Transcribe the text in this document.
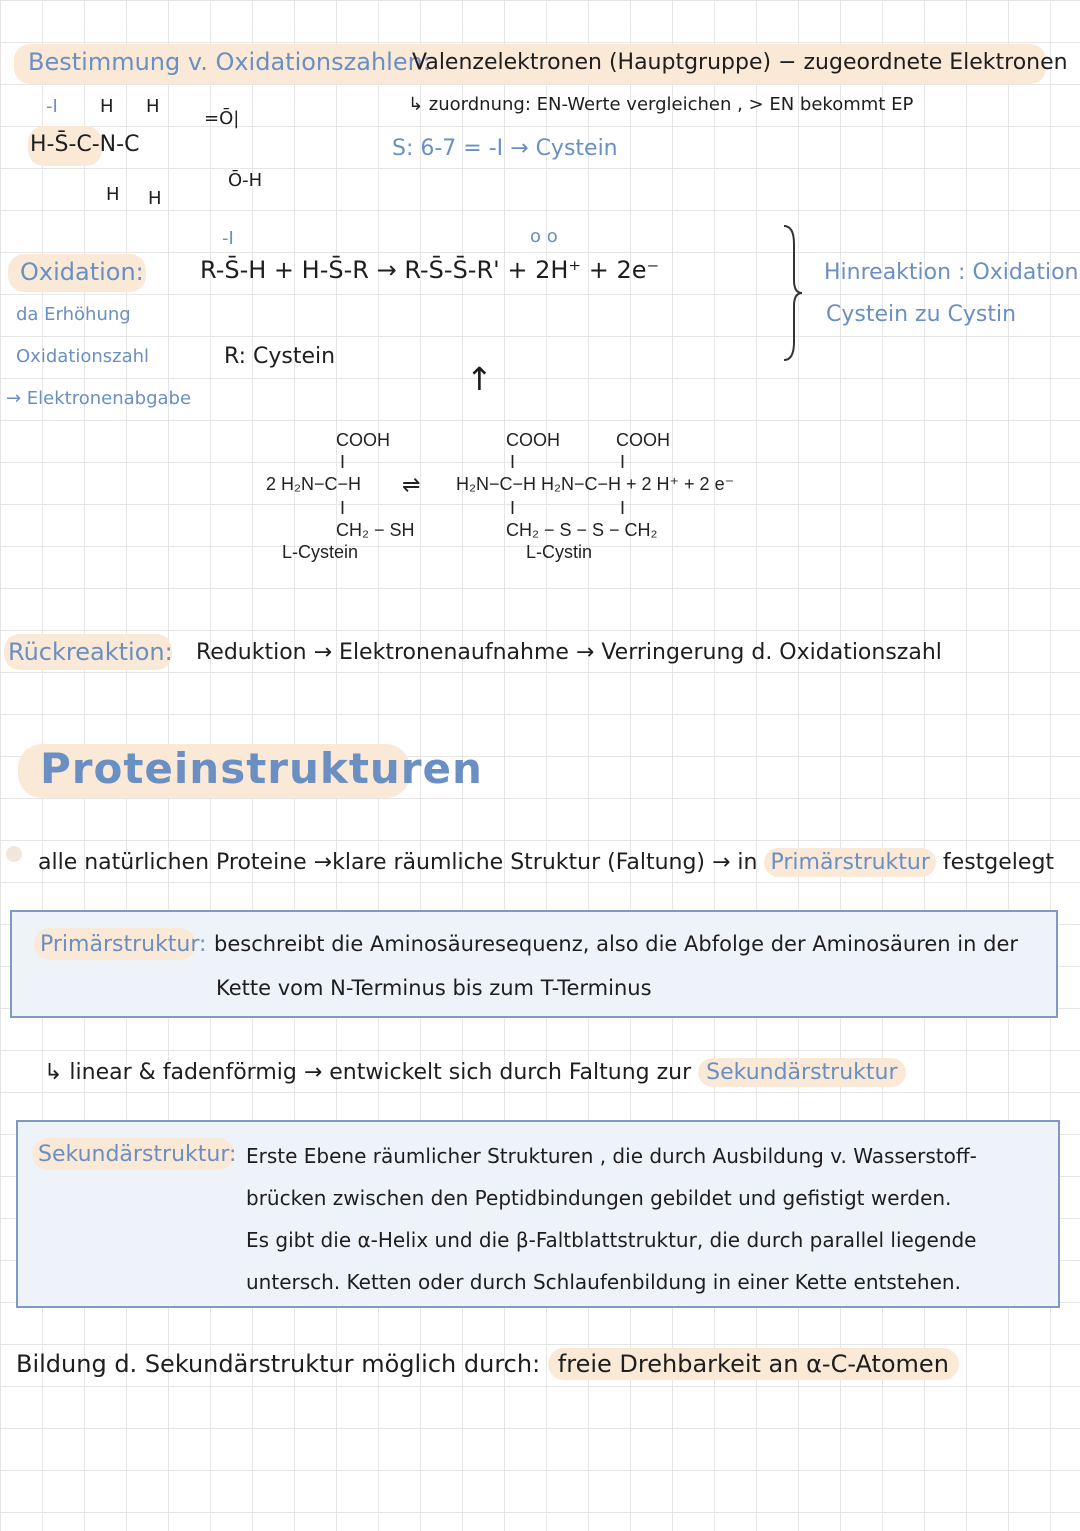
Bestimmung v. Oxidationszahlen:
Valenzelektronen (Hauptgruppe) − zugeordnete Elektronen
↳ zuordnung: EN-Werte vergleichen , > EN bekommt EP
S: 6-7 = -I → Cystein
-I H H
H-S̄-C-N-C
=Ō|
Ō-H
H H
Oxidation:
da Erhöhung
Oxidationszahl
→ Elektronenabgabe
-I	o o
R-S̄-H + H-S̄-R → R-S̄-S̄-R' + 2H⁺ + 2e⁻
R: Cystein
↑
Hinreaktion : Oxidation
Cystein zu Cystin
COOH	COOH	COOH
I	I	I
2 H₂N−C−H ⇌ H₂N−C−H H₂N−C−H + 2 H⁺ + 2 e⁻
I	I	I
CH₂ − SH	CH₂ − S − S − CH₂
L-Cystein	L-Cystin
Rückreaktion: Reduktion → Elektronenaufnahme → Verringerung d. Oxidationszahl
Proteinstrukturen
alle natürlichen Proteine →klare räumliche Struktur (Faltung) → in Primärstruktur festgelegt
Primärstruktur: beschreibt die Aminosäuresequenz, also die Abfolge der Aminosäuren in der
Kette vom N-Terminus bis zum T-Terminus
↳ linear & fadenförmig → entwickelt sich durch Faltung zur Sekundärstruktur
Sekundärstruktur: Erste Ebene räumlicher Strukturen , die durch Ausbildung v. Wasserstoff-
brücken zwischen den Peptidbindungen gebildet und gefistigt werden.
Es gibt die α-Helix und die β-Faltblattstruktur, die durch parallel liegende
untersch. Ketten oder durch Schlaufenbildung in einer Kette entstehen.
Bildung d. Sekundärstruktur möglich durch: freie Drehbarkeit an α-C-Atomen
